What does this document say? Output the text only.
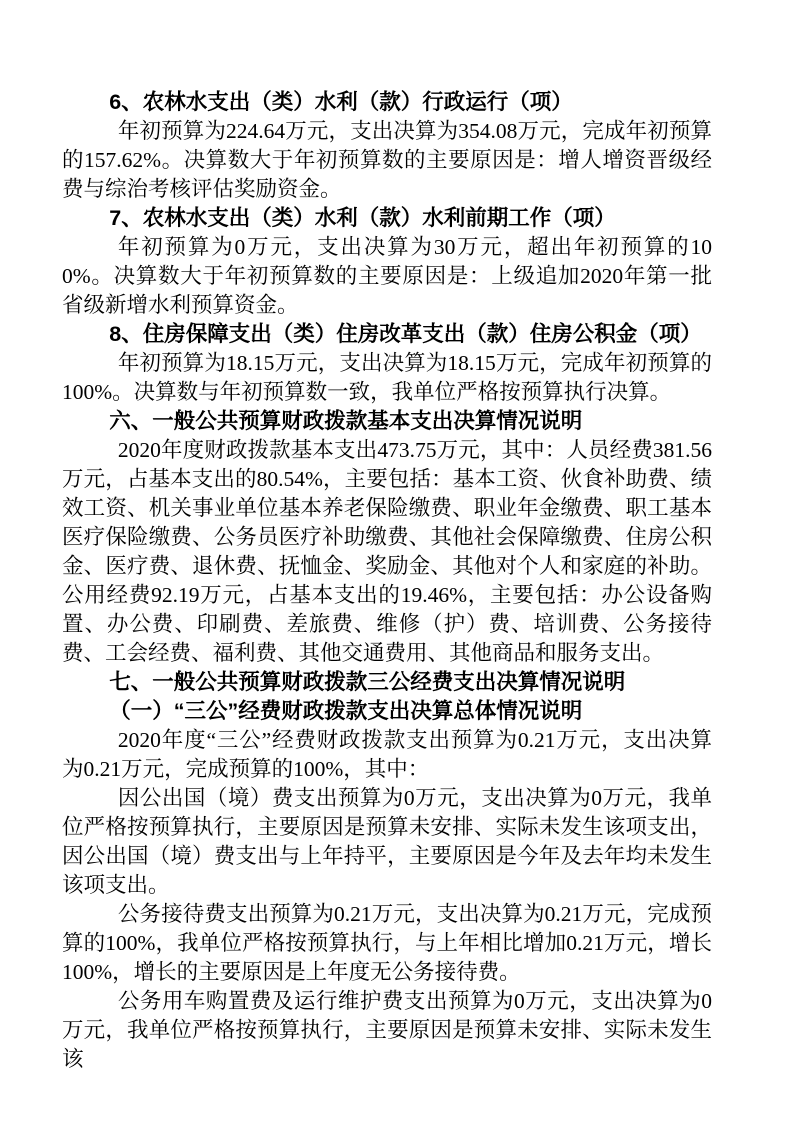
6、农林水支出（类）水利（款）行政运行（项）

年初预算为224.64万元，支出决算为354.08万元，完成年初预算的157.62%。决算数大于年初预算数的主要原因是：增人增资晋级经费与综治考核评估奖励资金。

7、农林水支出（类）水利（款）水利前期工作（项）

年初预算为0万元，支出决算为30万元，超出年初预算的100%。决算数大于年初预算数的主要原因是：上级追加2020年第一批省级新增水利预算资金。

8、住房保障支出（类）住房改革支出（款）住房公积金（项）

年初预算为18.15万元，支出决算为18.15万元，完成年初预算的100%。决算数与年初预算数一致，我单位严格按预算执行决算。

六、一般公共预算财政拨款基本支出决算情况说明

2020年度财政拨款基本支出473.75万元，其中：人员经费381.56万元，占基本支出的80.54%，主要包括：基本工资、伙食补助费、绩效工资、机关事业单位基本养老保险缴费、职业年金缴费、职工基本医疗保险缴费、公务员医疗补助缴费、其他社会保障缴费、住房公积金、医疗费、退休费、抚恤金、奖励金、其他对个人和家庭的补助。公用经费92.19万元，占基本支出的19.46%，主要包括：办公设备购置、办公费、印刷费、差旅费、维修（护）费、培训费、公务接待费、工会经费、福利费、其他交通费用、其他商品和服务支出。

七、一般公共预算财政拨款三公经费支出决算情况说明

（一）“三公”经费财政拨款支出决算总体情况说明

2020年度“三公”经费财政拨款支出预算为0.21万元，支出决算为0.21万元，完成预算的100%，其中：

因公出国（境）费支出预算为0万元，支出决算为0万元，我单位严格按预算执行，主要原因是预算未安排、实际未发生该项支出，因公出国（境）费支出与上年持平，主要原因是今年及去年均未发生该项支出。

公务接待费支出预算为0.21万元，支出决算为0.21万元，完成预算的100%，我单位严格按预算执行，与上年相比增加0.21万元，增长100%，增长的主要原因是上年度无公务接待费。

公务用车购置费及运行维护费支出预算为0万元，支出决算为0万元，我单位严格按预算执行，主要原因是预算未安排、实际未发生该
